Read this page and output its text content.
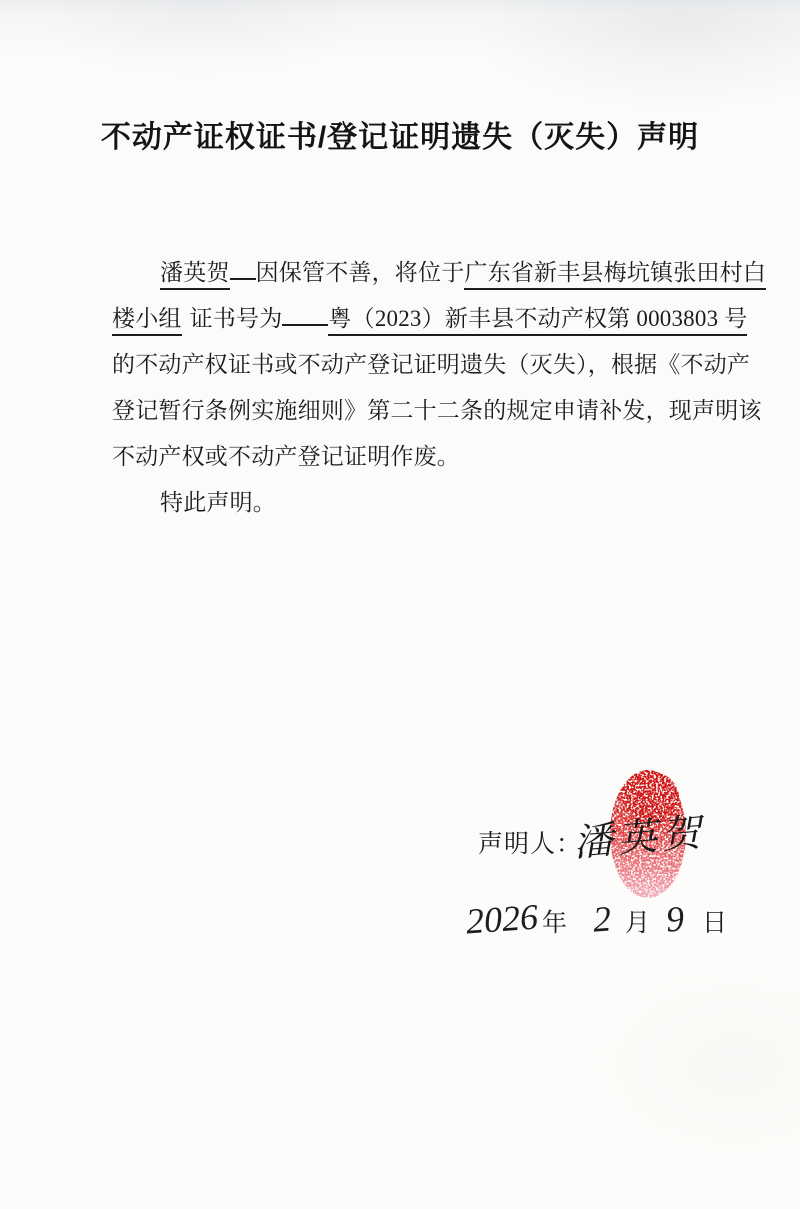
不动产证权证书/登记证明遗失（灭失）声明

潘英贺 因保管不善，将位于广东省新丰县梅坑镇张田村白

楼小组 证书号为 粤（2023）新丰县不动产权第 0003803 号

的不动产权证书或不动产登记证明遗失（灭失），根据《不动产

登记暂行条例实施细则》第二十二条的规定申请补发，现声明该

不动产权或不动产登记证明作废。

特此声明。

声明人：
潘英贺
2026 年 2 月 9 日
